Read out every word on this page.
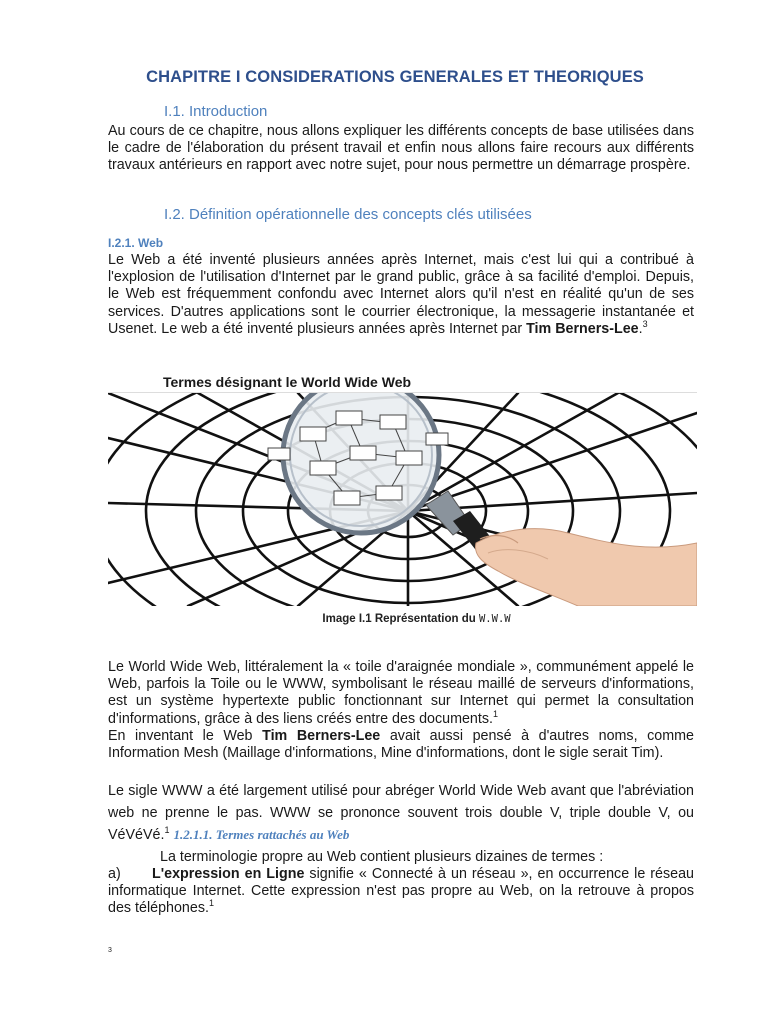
CHAPITRE I CONSIDERATIONS GENERALES ET THEORIQUES
I.1. Introduction
Au cours de ce chapitre, nous allons expliquer les différents concepts de base utilisées dans le cadre de l'élaboration du présent travail et enfin nous allons faire recours aux différents travaux antérieurs en rapport avec notre sujet, pour nous permettre un démarrage prospère.
I.2. Définition opérationnelle des concepts clés utilisées
I.2.1. Web
Le Web a été inventé plusieurs années après Internet, mais c'est lui qui a contribué à l'explosion de l'utilisation d'Internet par le grand public, grâce à sa facilité d'emploi. Depuis, le Web est fréquemment confondu avec Internet alors qu'il n'est en réalité qu'un de ses services. D'autres applications sont le courrier électronique, la messagerie instantanée et Usenet. Le web a été inventé plusieurs années après Internet par Tim Berners-Lee.$^3$
Termes désignant le World Wide Web
Image I.1 Représentation du W.W.W
Le World Wide Web, littéralement la « toile d'araignée mondiale », communément appelé le Web, parfois la Toile ou le WWW, symbolisant le réseau maillé de serveurs d'informations, est un système hypertexte public fonctionnant sur Internet qui permet la consultation d'informations, grâce à des liens créés entre des documents.$^1$
En inventant le Web Tim Berners-Lee avait aussi pensé à d'autres noms, comme Information Mesh (Maillage d'informations, Mine d'informations, dont le sigle serait Tim).
Le sigle WWW a été largement utilisé pour abréger World Wide Web avant que l'abréviation web ne prenne le pas. WWW se prononce souvent trois double V, triple double V, ou VéVéVé.$^1$ 1.2.1.1. Termes rattachés au Web
La terminologie propre au Web contient plusieurs dizaines de termes :
a) L'expression en Ligne signifie « Connecté à un réseau », en occurrence le réseau informatique Internet. Cette expression n'est pas propre au Web, on la retrouve à propos des téléphones.$^1$
3
